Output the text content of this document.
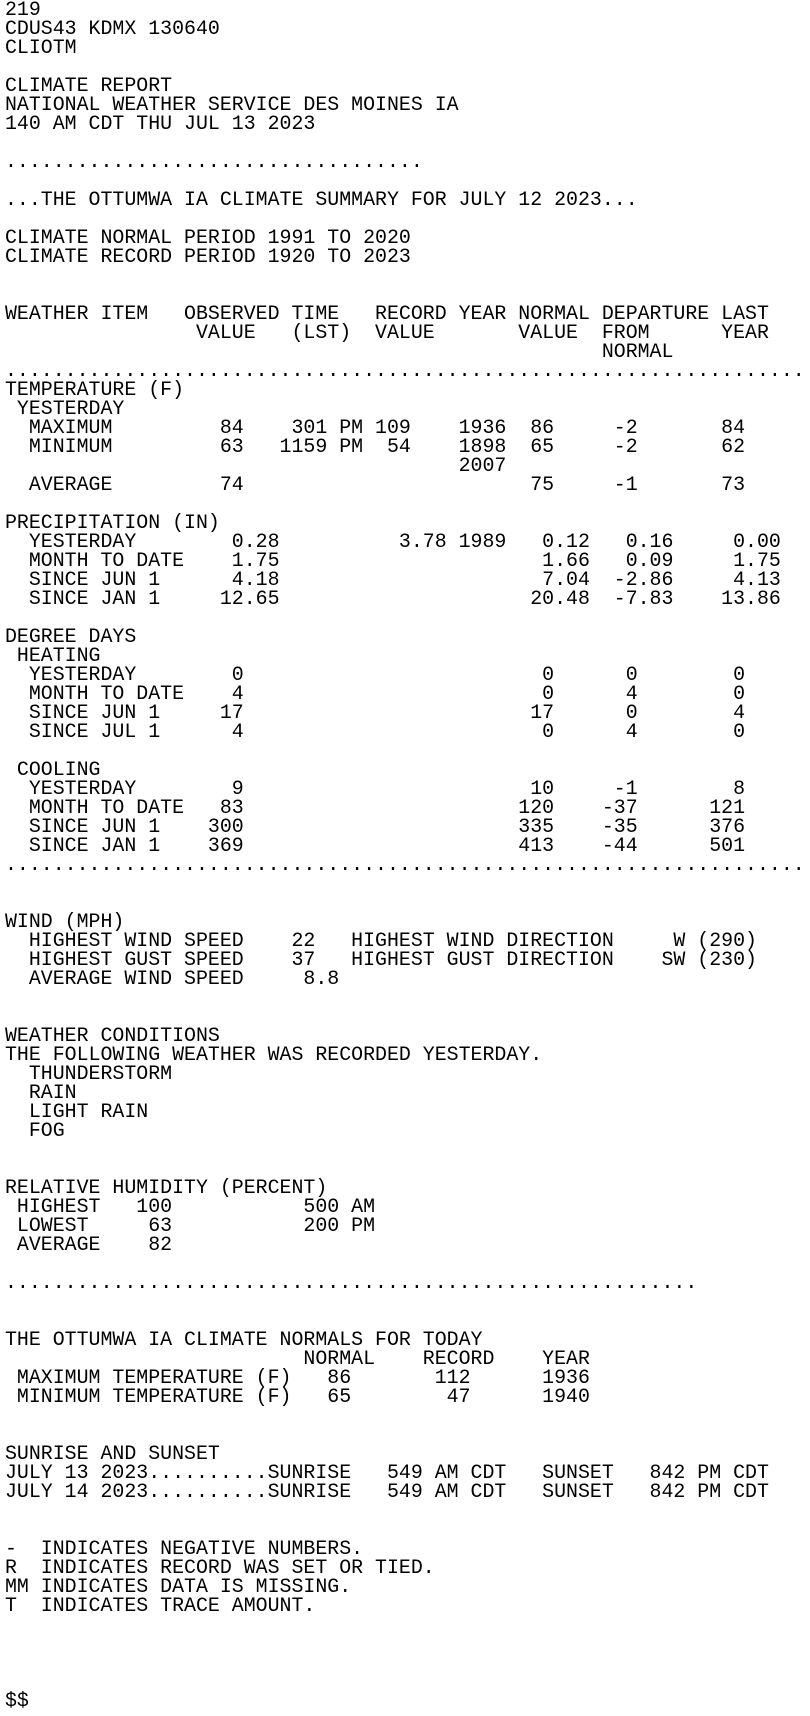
219
CDUS43 KDMX 130640
CLIOTM
CLIMATE REPORT
NATIONAL WEATHER SERVICE DES MOINES IA
140 AM CDT THU JUL 13 2023
...................................
...THE OTTUMWA IA CLIMATE SUMMARY FOR JULY 12 2023...
CLIMATE NORMAL PERIOD 1991 TO 2020
CLIMATE RECORD PERIOD 1920 TO 2023
WEATHER ITEM   OBSERVED TIME   RECORD YEAR NORMAL DEPARTURE LAST
VALUE   (LST)  VALUE       VALUE  FROM      YEAR
NORMAL
...................................................................
TEMPERATURE (F)
YESTERDAY
MAXIMUM         84    301 PM 109    1936  86     -2       84
MINIMUM         63   1159 PM  54    1898  65     -2       62
2007
AVERAGE         74                        75     -1       73
PRECIPITATION (IN)
YESTERDAY        0.28          3.78 1989   0.12   0.16     0.00
MONTH TO DATE    1.75                      1.66   0.09     1.75
SINCE JUN 1      4.18                      7.04  -2.86     4.13
SINCE JAN 1     12.65                     20.48  -7.83    13.86
DEGREE DAYS
HEATING
YESTERDAY        0                         0      0        0
MONTH TO DATE    4                         0      4        0
SINCE JUN 1     17                        17      0        4
SINCE JUL 1      4                         0      4        0
COOLING
YESTERDAY        9                        10     -1        8
MONTH TO DATE   83                       120    -37      121
SINCE JUN 1    300                       335    -35      376
SINCE JAN 1    369                       413    -44      501
...................................................................
WIND (MPH)
HIGHEST WIND SPEED    22   HIGHEST WIND DIRECTION     W (290)
HIGHEST GUST SPEED    37   HIGHEST GUST DIRECTION    SW (230)
AVERAGE WIND SPEED     8.8
WEATHER CONDITIONS
THE FOLLOWING WEATHER WAS RECORDED YESTERDAY.
THUNDERSTORM
RAIN
LIGHT RAIN
FOG
RELATIVE HUMIDITY (PERCENT)
HIGHEST   100           500 AM
LOWEST     63           200 PM
AVERAGE    82
..........................................................
THE OTTUMWA IA CLIMATE NORMALS FOR TODAY
NORMAL    RECORD    YEAR
MAXIMUM TEMPERATURE (F)   86       112      1936
MINIMUM TEMPERATURE (F)   65        47      1940
SUNRISE AND SUNSET
JULY 13 2023..........SUNRISE   549 AM CDT   SUNSET   842 PM CDT
JULY 14 2023..........SUNRISE   549 AM CDT   SUNSET   842 PM CDT
-  INDICATES NEGATIVE NUMBERS.
R  INDICATES RECORD WAS SET OR TIED.
MM INDICATES DATA IS MISSING.
T  INDICATES TRACE AMOUNT.
$$
